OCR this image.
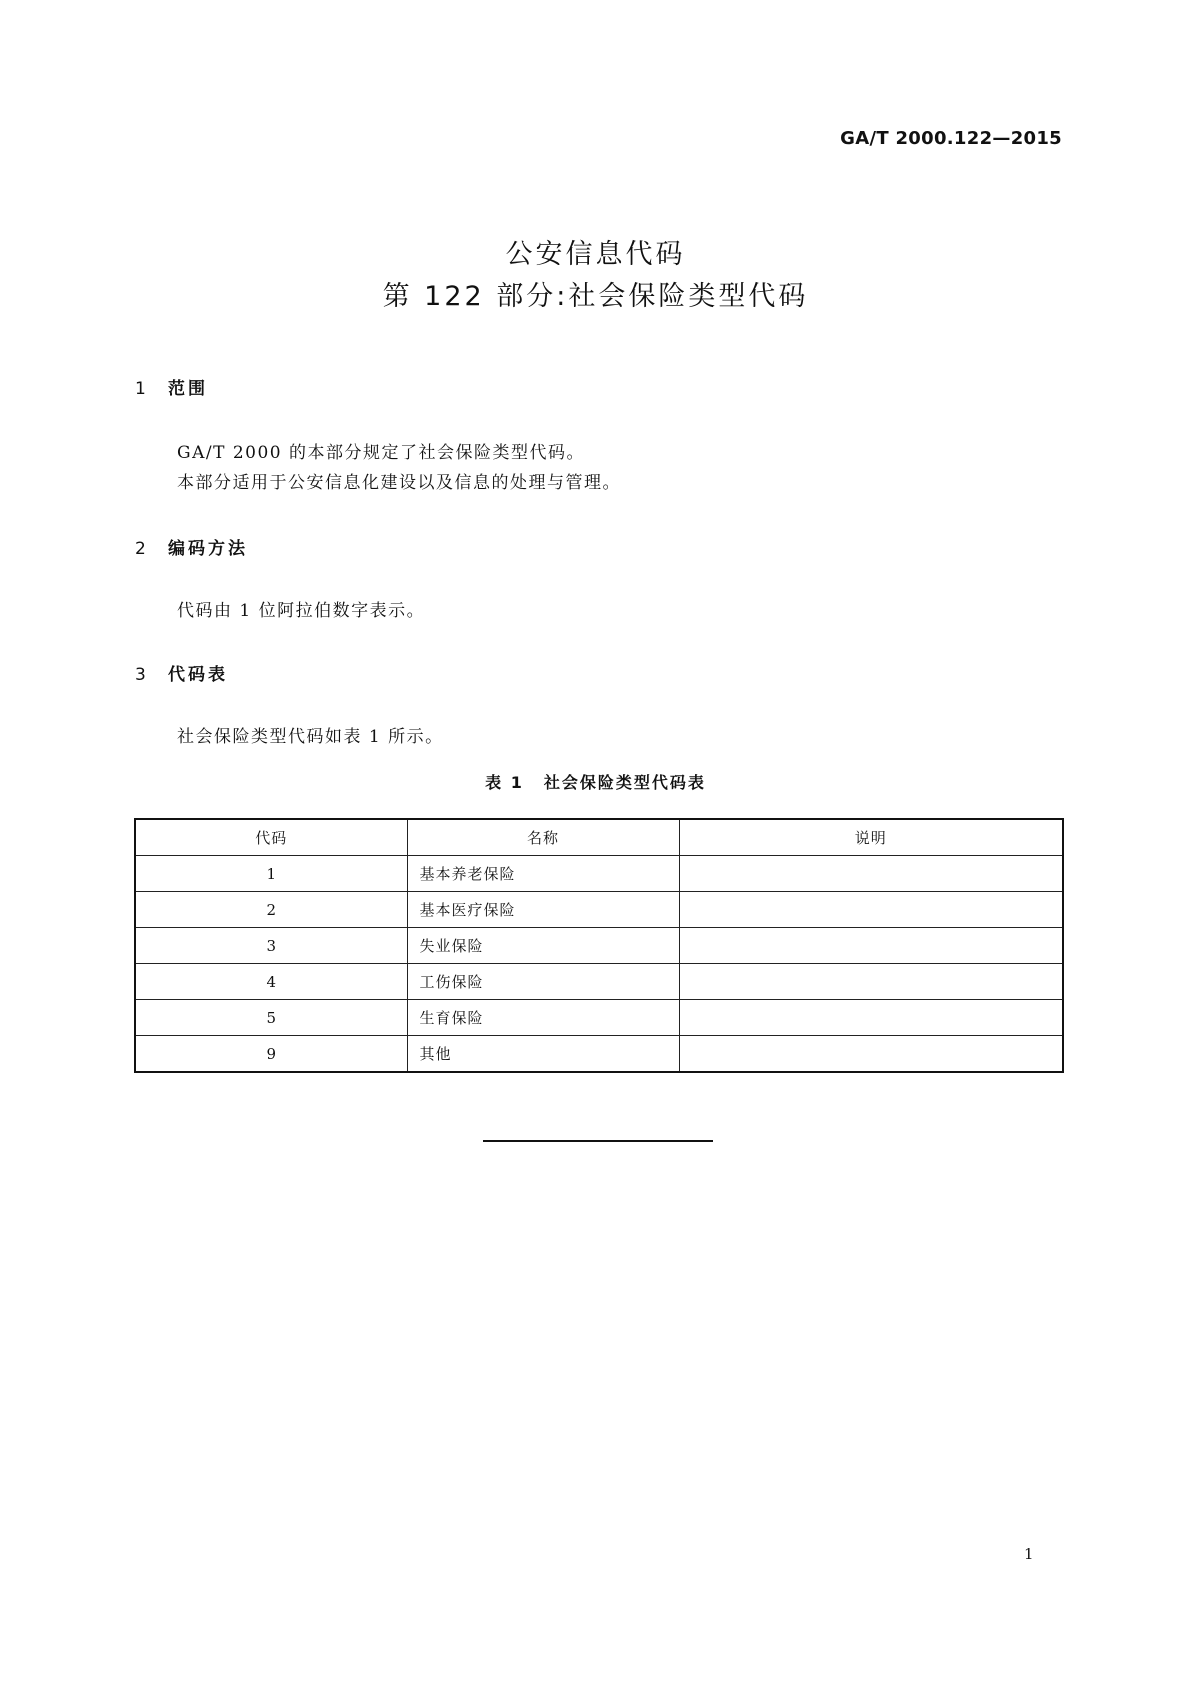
GA/T 2000.122—2015
公安信息代码
第 122 部分:社会保险类型代码
1 范围
GA/T 2000 的本部分规定了社会保险类型代码。
本部分适用于公安信息化建设以及信息的处理与管理。
2 编码方法
代码由 1 位阿拉伯数字表示。
3 代码表
社会保险类型代码如表 1 所示。
表 1 社会保险类型代码表
代码	名称	说明
1	基本养老保险	
2	基本医疗保险	
3	失业保险	
4	工伤保险	
5	生育保险	
9	其他	
1
